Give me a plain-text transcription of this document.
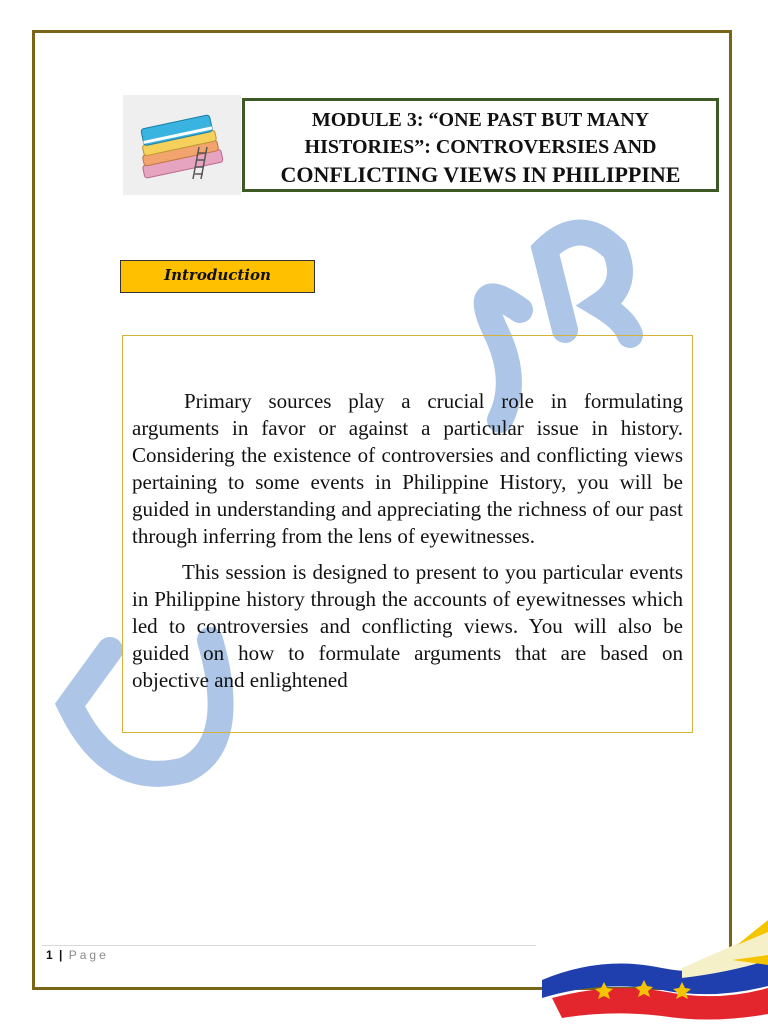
MODULE 3: “ONE PAST BUT MANY
HISTORIES”: CONTROVERSIES AND
CONFLICTING VIEWS IN PHILIPPINE
Introduction

Primary sources play a crucial role in formulating arguments in favor or against a particular issue in history. Considering the existence of controversies and conflicting views pertaining to some events in Philippine History, you will be guided in understanding and appreciating the richness of our past through inferring from the lens of eyewitnesses.

This session is designed to present to you particular events in Philippine history through the accounts of eyewitnesses which led to controversies and conflicting views. You will also be guided on how to formulate arguments that are based on objective and enlightened

1 | Page
